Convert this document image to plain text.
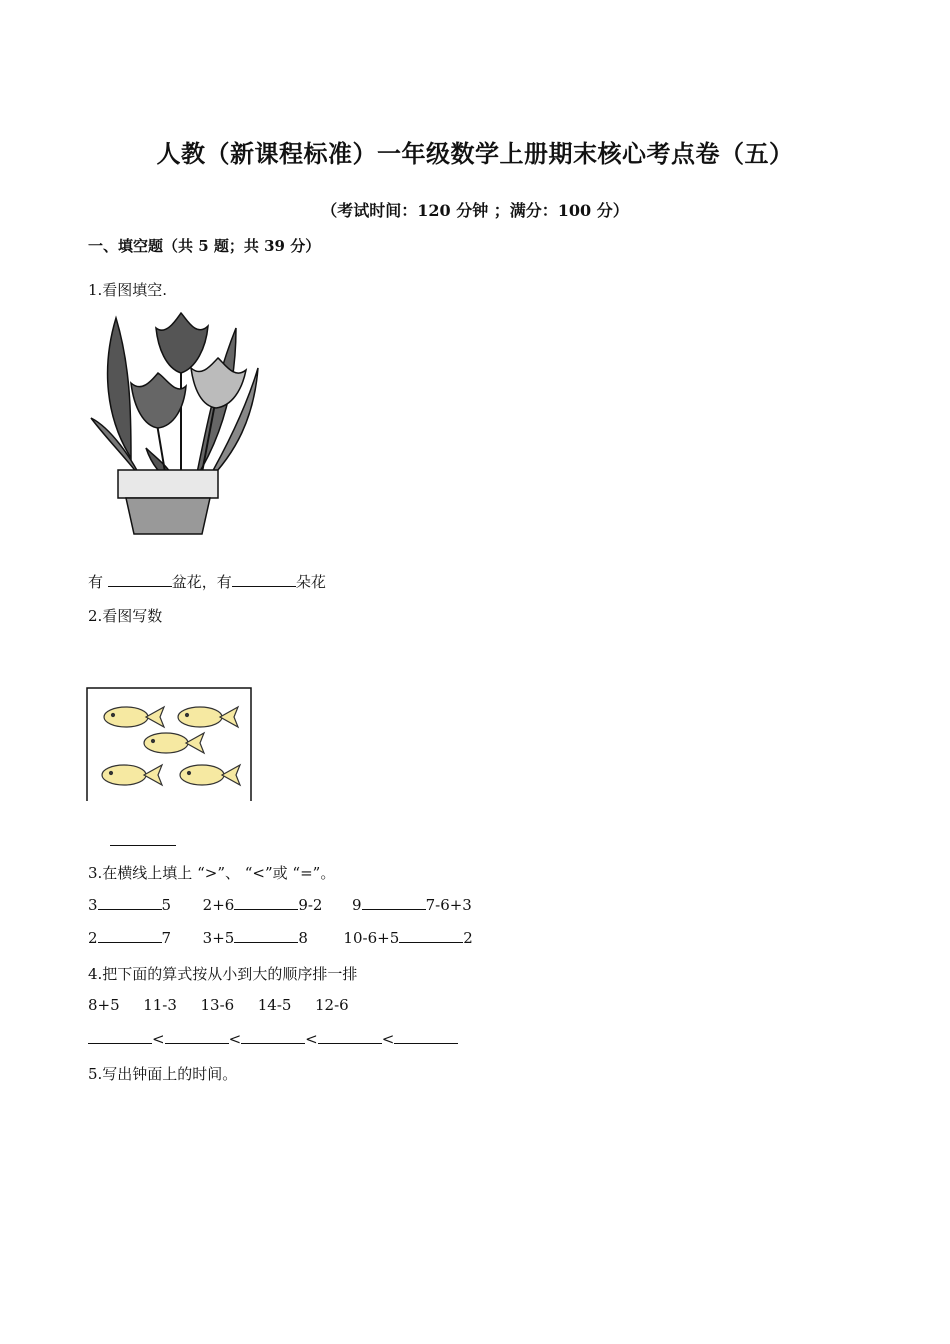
人教（新课程标准）一年级数学上册期末核心考点卷（五）
（考试时间：120 分钟 ；满分：100 分）
一、填空题（共 5 题；共 39 分）
1.看图填空.
有	盆花，有	朵花
2.看图写数
3.在横线上填上 “>”、 “<”或 “=”。
3	5 2+6	9-2 9	7-6+3
2	7 3+5	8 10-6+5	2
4.把下面的算式按从小到大的顺序排一排
8+5 11-3 13-6 14-5 12-6
<	<	<	<
5.写出钟面上的时间。
